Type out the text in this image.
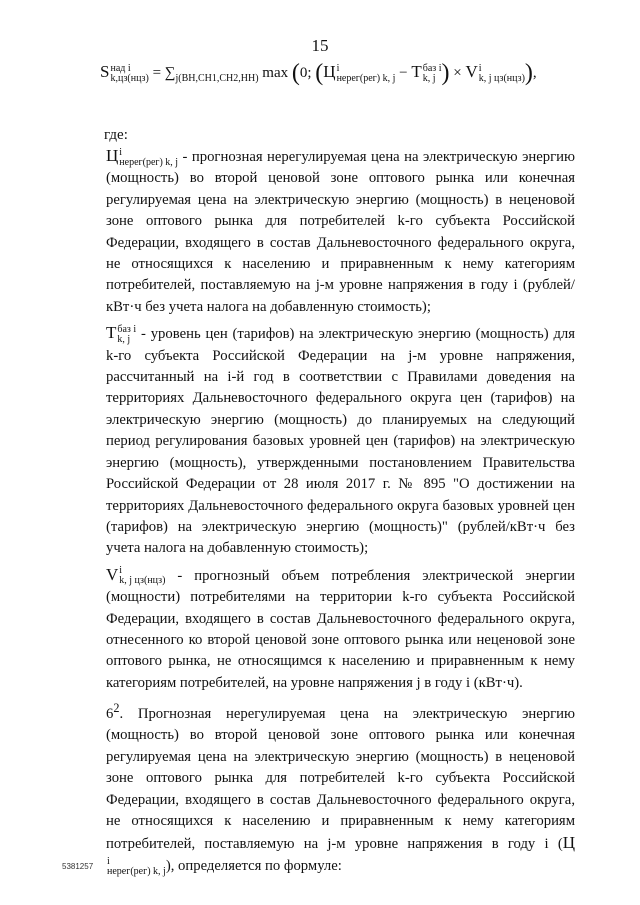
15
S над i
$k,цз(нцз) = \sum_{j(ВН,СН1,СН2,НН)}$ max (0; (Ц i
нерег(рег) k, j − Т баз i
k, j ) × V i
k, j цз(нцз) ),
где:

Ц i
нерег(рег) k, j - прогнозная нерегулируемая цена на электрическую энергию (мощность) во второй ценовой зоне оптового рынка или конечная регулируемая цена на электрическую энергию (мощность) в неценовой зоне оптового рынка для потребителей k-го субъекта Российской Федерации, входящего в состав Дальневосточного федерального округа, не относящихся к населению и приравненным к нему категориям потребителей, поставляемую на j-м уровне напряжения в году i (рублей/кВт·ч без учета налога на добавленную стоимость);

Т баз i
k, j - уровень цен (тарифов) на электрическую энергию (мощность) для k-го субъекта Российской Федерации на j-м уровне напряжения, рассчитанный на i-й год в соответствии с Правилами доведения на территориях Дальневосточного федерального округа цен (тарифов) на электрическую энергию (мощность) до планируемых на следующий период регулирования базовых уровней цен (тарифов) на электрическую энергию (мощность), утвержденными постановлением Правительства Российской Федерации от 28 июля 2017 г. № 895 "О достижении на территориях Дальневосточного федерального округа базовых уровней цен (тарифов) на электрическую энергию (мощность)" (рублей/кВт·ч без учета налога на добавленную стоимость);

V i
k, j цз(нцз) - прогнозный объем потребления электрической энергии (мощности) потребителями на территории k-го субъекта Российской Федерации, входящего в состав Дальневосточного федерального округа, отнесенного ко второй ценовой зоне оптового рынка или неценовой зоне оптового рынка, не относящимся к населению и приравненным к нему категориям потребителей, на уровне напряжения j в году i (кВт·ч).

$6^2$. Прогнозная нерегулируемая цена на электрическую энергию (мощность) во второй ценовой зоне оптового рынка или конечная регулируемая цена на электрическую энергию (мощность) в неценовой зоне оптового рынка для потребителей k-го субъекта Российской Федерации, входящего в состав Дальневосточного федерального округа, не относящихся к населению и приравненным к нему категориям потребителей, поставляемую на j-м уровне напряжения в году i (Ц
i
нерег(рег) k, j ), определяется по формуле:

5381257
